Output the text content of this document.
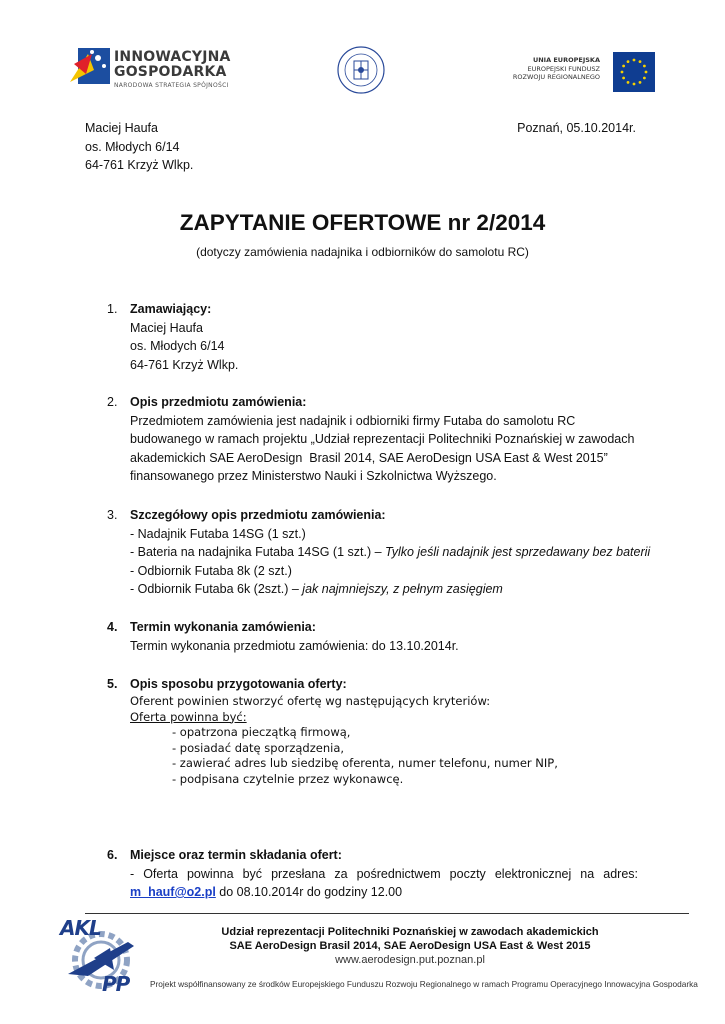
INNOWACYJNA
GOSPODARKA
NARODOWA STRATEGIA SPÓJNOŚCI
UNIA EUROPEJSKA
EUROPEJSKI FUNDUSZ
ROZWOJU REGIONALNEGO
Maciej Haufa
os. Młodych 6/14
64-761 Krzyż Wlkp.
Poznań, 05.10.2014r.
ZAPYTANIE OFERTOWE nr 2/2014
(dotyczy zamówienia nadajnika i odbiorników do samolotu RC)
1. Zamawiający:
Maciej Haufa
os. Młodych 6/14
64-761 Krzyż Wlkp.
2. Opis przedmiotu zamówienia:
Przedmiotem zamówienia jest nadajnik i odbiorniki firmy Futaba do samolotu RC
budowanego w ramach projektu „Udział reprezentacji Politechniki Poznańskiej w zawodach
akademickich SAE AeroDesign  Brasil 2014, SAE AeroDesign USA East & West 2015”
finansowanego przez Ministerstwo Nauki i Szkolnictwa Wyższego.
3. Szczegółowy opis przedmiotu zamówienia:
- Nadajnik Futaba 14SG (1 szt.)
- Bateria na nadajnika Futaba 14SG (1 szt.) – Tylko jeśli nadajnik jest sprzedawany bez baterii
- Odbiornik Futaba 8k (2 szt.)
- Odbiornik Futaba 6k (2szt.) – jak najmniejszy, z pełnym zasięgiem
4. Termin wykonania zamówienia:
Termin wykonania przedmiotu zamówienia: do 13.10.2014r.
5. Opis sposobu przygotowania oferty:
Oferent powinien stworzyć ofertę wg następujących kryteriów:
Oferta powinna być:
- opatrzona pieczątką firmową,
- posiadać datę sporządzenia,
- zawierać adres lub siedzibę oferenta, numer telefonu, numer NIP,
- podpisana czytelnie przez wykonawcę.
6. Miejsce oraz termin składania ofert:
- Oferta powinna być przesłana za pośrednictwem poczty elektronicznej na adres:
m_hauf@o2.pl do 08.10.2014r do godziny 12.00
AKL
PP
Udział reprezentacji Politechniki Poznańskiej w zawodach akademickich
SAE AeroDesign Brasil 2014, SAE AeroDesign USA East & West 2015
www.aerodesign.put.poznan.pl
Projekt współfinansowany ze środków Europejskiego Funduszu Rozwoju Regionalnego w ramach Programu Operacyjnego Innowacyjna Gospodarka
